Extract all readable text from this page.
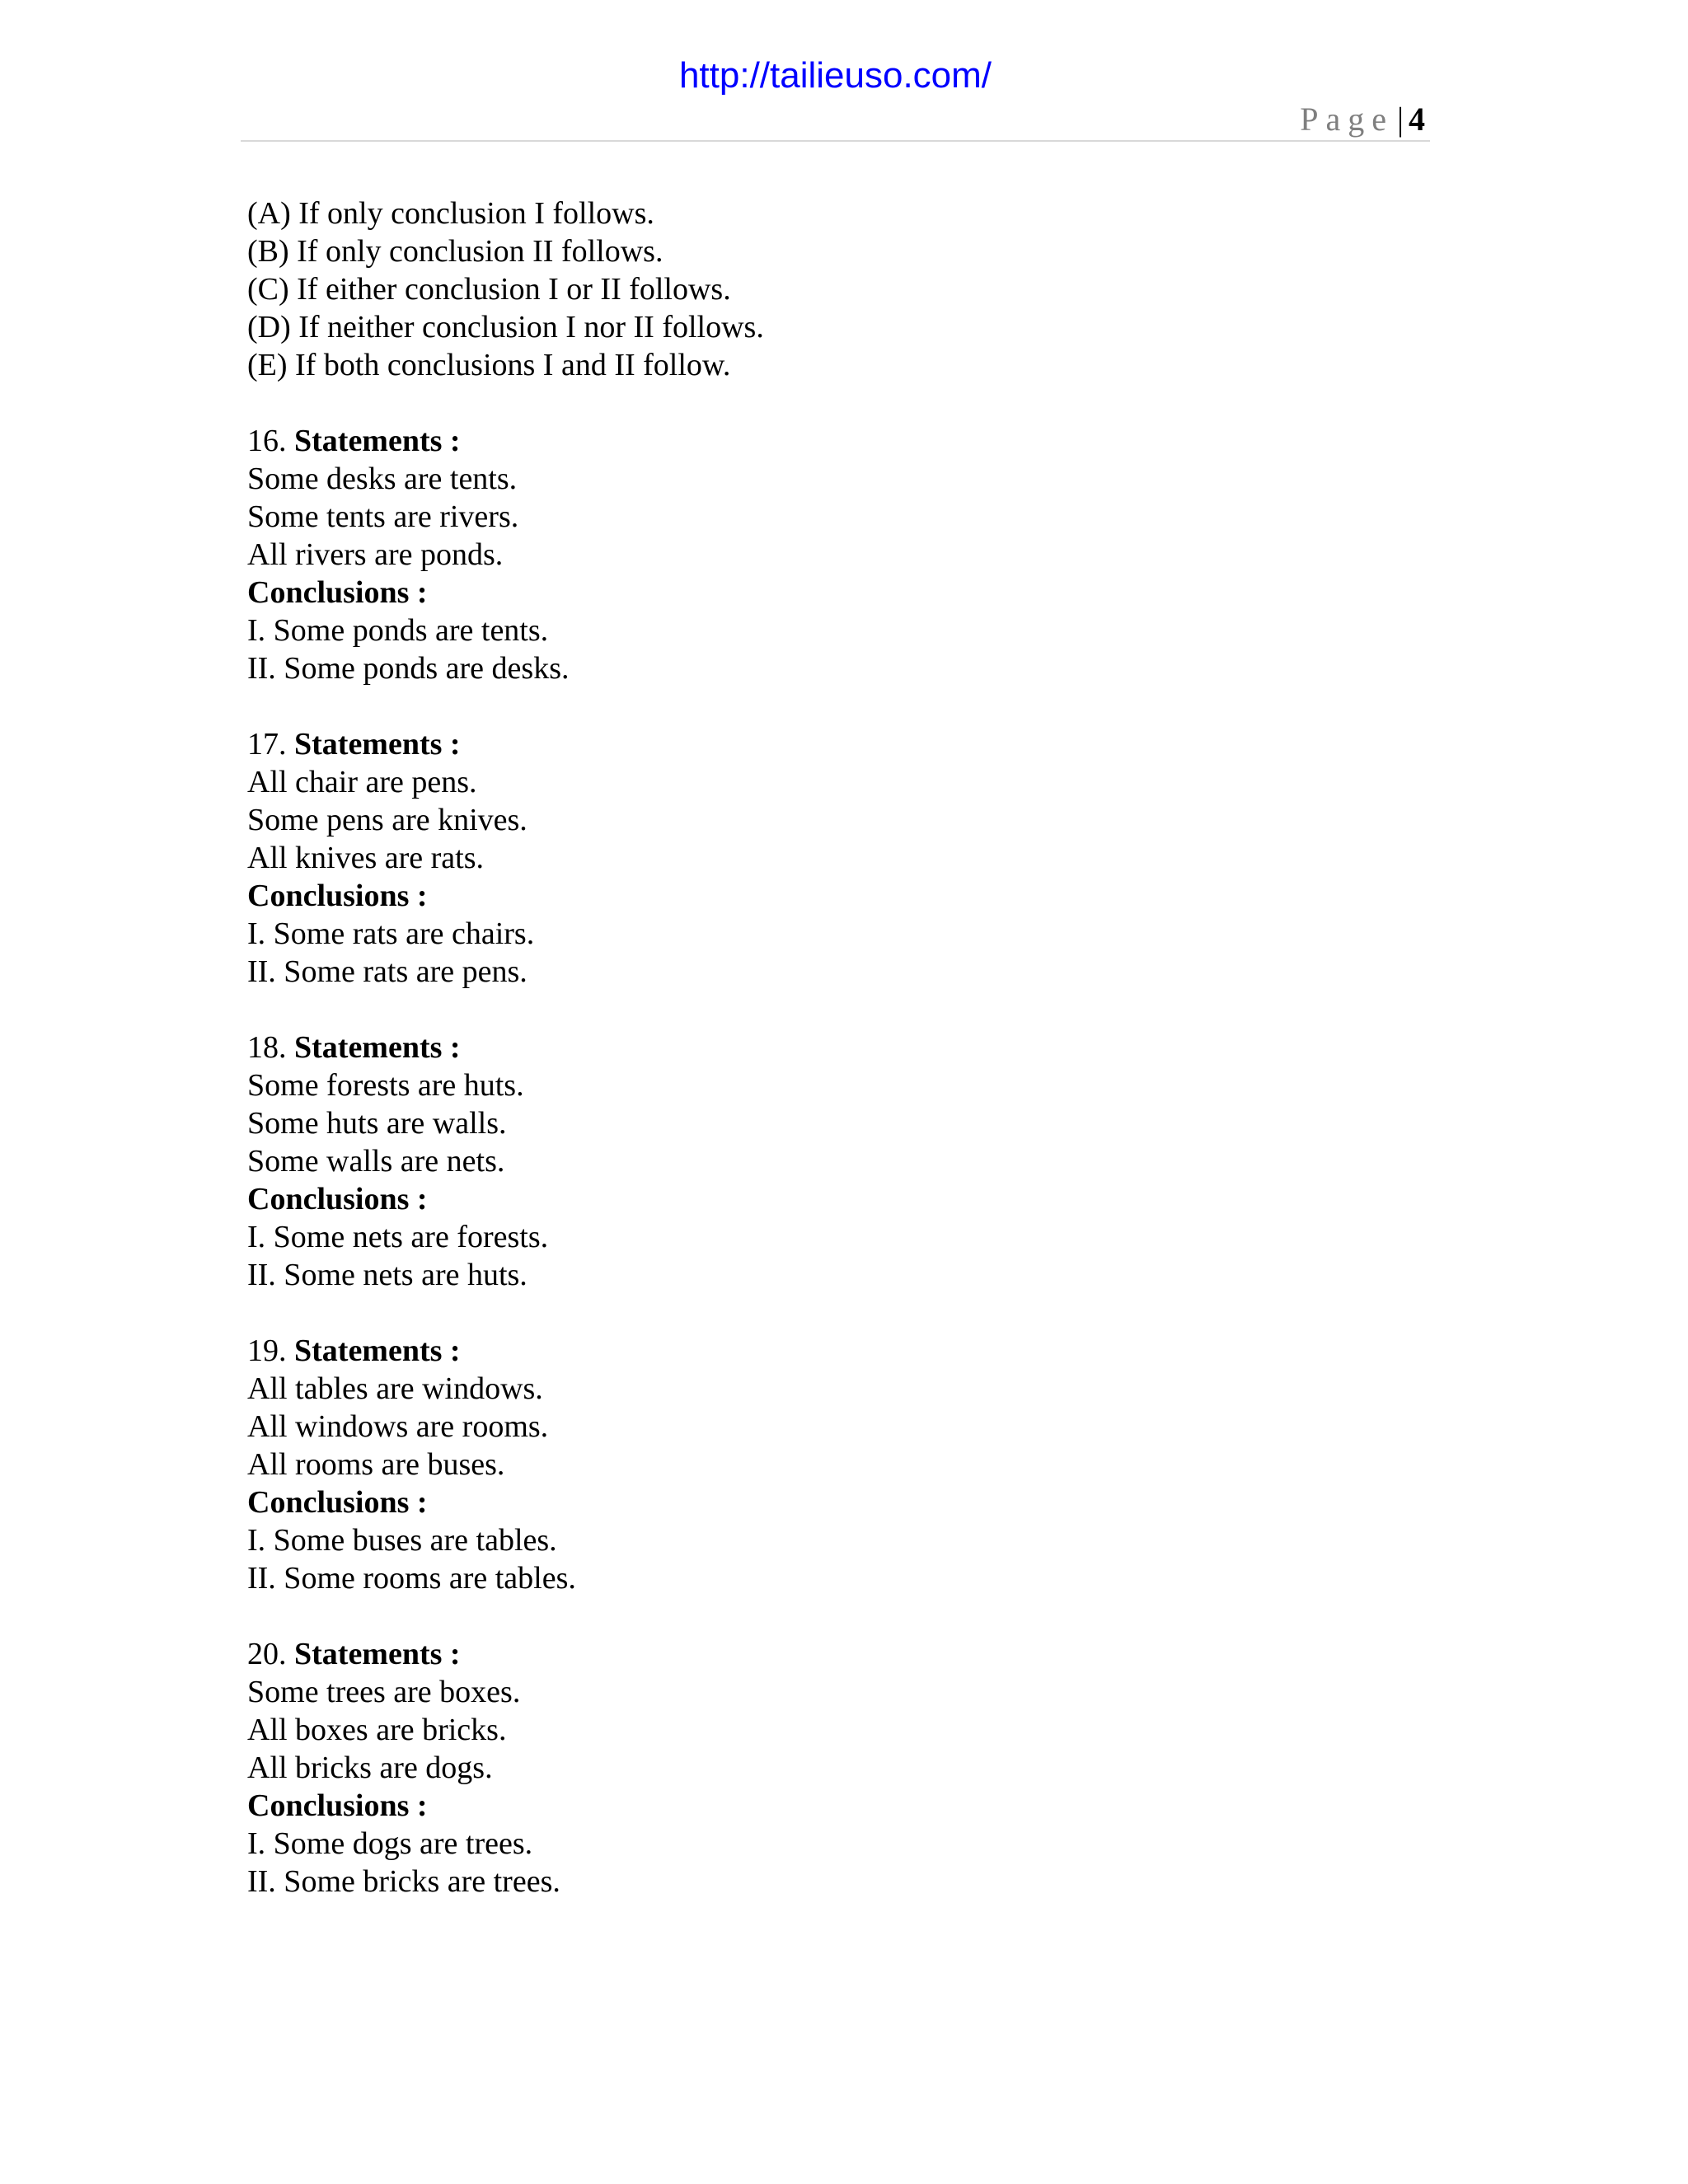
http://tailieuso.com/
Page | 4
(A) If only conclusion I follows.
(B) If only conclusion II follows.
(C) If either conclusion I or II follows.
(D) If neither conclusion I nor II follows.
(E) If both conclusions I and II follow.
16. Statements :
Some desks are tents.
Some tents are rivers.
All rivers are ponds.
Conclusions :
I. Some ponds are tents.
II. Some ponds are desks.
17. Statements :
All chair are pens.
Some pens are knives.
All knives are rats.
Conclusions :
I. Some rats are chairs.
II. Some rats are pens.
18. Statements :
Some forests are huts.
Some huts are walls.
Some walls are nets.
Conclusions :
I. Some nets are forests.
II. Some nets are huts.
19. Statements :
All tables are windows.
All windows are rooms.
All rooms are buses.
Conclusions :
I. Some buses are tables.
II. Some rooms are tables.
20. Statements :
Some trees are boxes.
All boxes are bricks.
All bricks are dogs.
Conclusions :
I. Some dogs are trees.
II. Some bricks are trees.
